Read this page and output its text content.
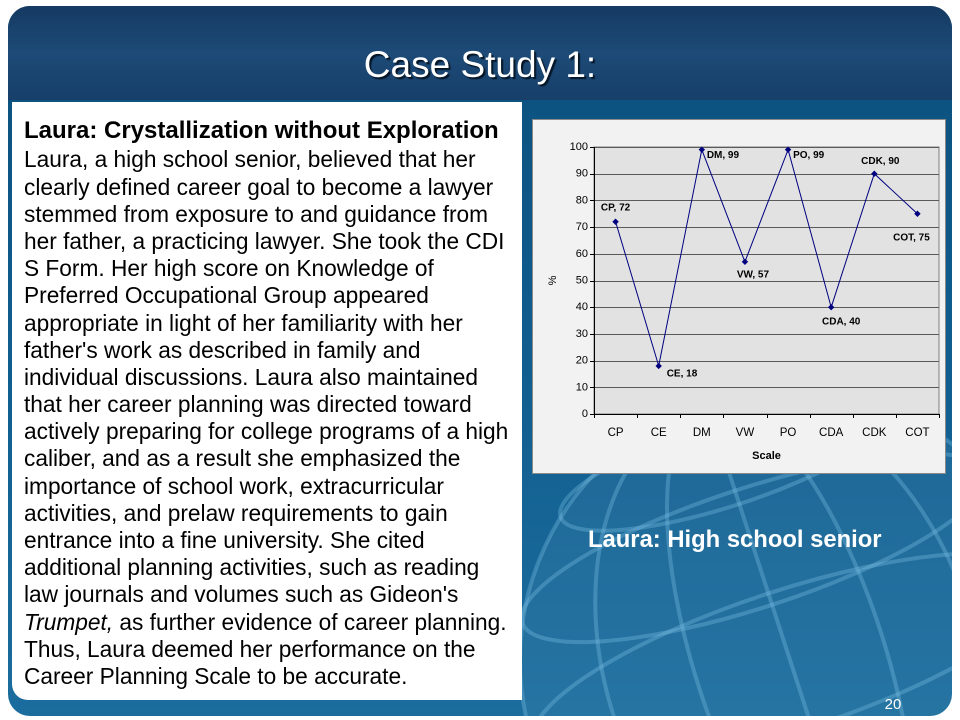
Case Study 1:
Laura: Crystallization without Exploration
Laura, a high school senior, believed that her
clearly defined career goal to become a lawyer
stemmed from exposure to and guidance from
her father, a practicing lawyer. She took the CDI
S Form. Her high score on Knowledge of
Preferred Occupational Group appeared
appropriate in light of her familiarity with her
father's work as described in family and
individual discussions. Laura also maintained
that her career planning was directed toward
actively preparing for college programs of a high
caliber, and as a result she emphasized the
importance of school work, extracurricular
activities, and prelaw requirements to gain
entrance into a fine university. She cited
additional planning activities, such as reading
law journals and volumes such as Gideon's
Trumpet, as further evidence of career planning.
Thus, Laura deemed her performance on the
Career Planning Scale to be accurate.
0
10
20
30
40
50
60
70
80
90
100
CP CE DM VW PO CDA CDK COT
CP, 72
CE, 18
DM, 99
VW, 57
PO, 99
CDA, 40
CDK, 90
COT, 75
Scale
%
Laura: High school senior
20
